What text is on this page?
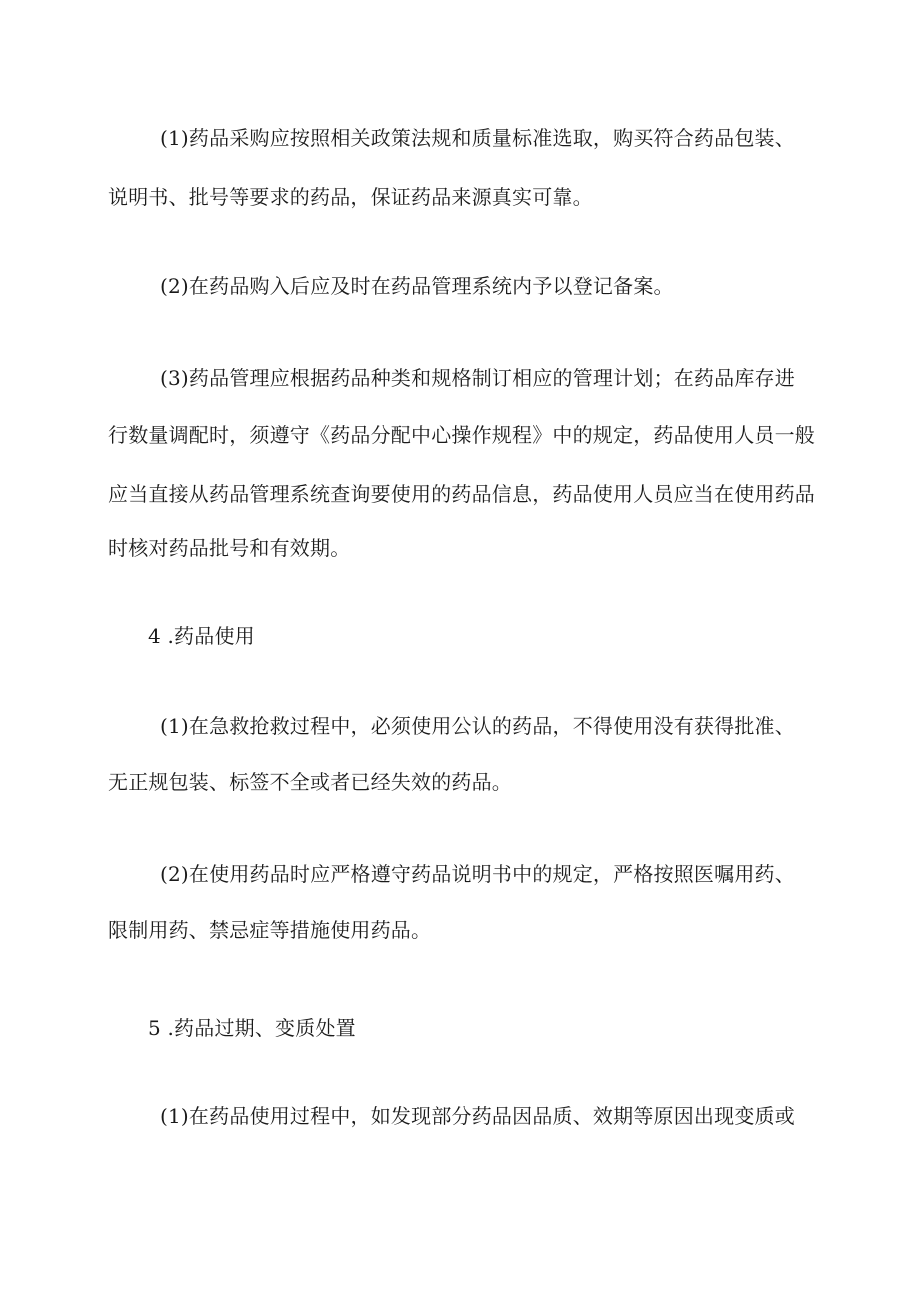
(1)药品采购应按照相关政策法规和质量标准选取，购买符合药品包装、
说明书、批号等要求的药品，保证药品来源真实可靠。
(2)在药品购入后应及时在药品管理系统内予以登记备案。
(3)药品管理应根据药品种类和规格制订相应的管理计划；在药品库存进
行数量调配时，须遵守《药品分配中心操作规程》中的规定，药品使用人员一般
应当直接从药品管理系统查询要使用的药品信息，药品使用人员应当在使用药品
时核对药品批号和有效期。
4 .药品使用
(1)在急救抢救过程中，必须使用公认的药品，不得使用没有获得批准、
无正规包装、标签不全或者已经失效的药品。
(2)在使用药品时应严格遵守药品说明书中的规定，严格按照医嘱用药、
限制用药、禁忌症等措施使用药品。
5 .药品过期、变质处置
(1)在药品使用过程中，如发现部分药品因品质、效期等原因出现变质或
